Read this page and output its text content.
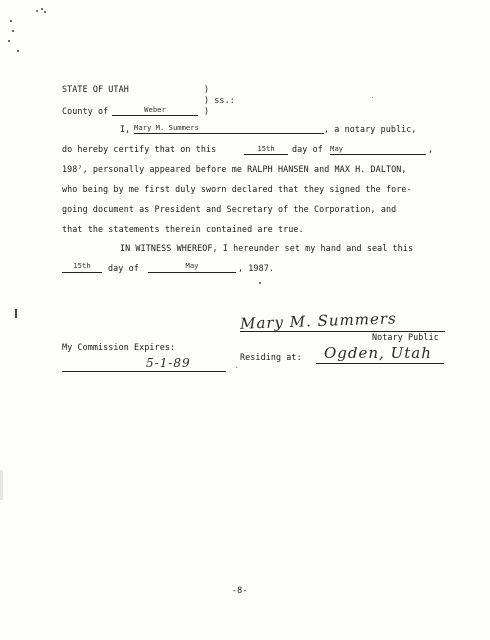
STATE OF UTAH	)
) ss.:
County of	Weber	)
I, Mary M. Summers	, a notary public,
do hereby certify that on this	15th	day of May	,
198⁷, personally appeared before me RALPH HANSEN and MAX H. DALTON,
who being by me first duly sworn declared that they signed the fore-
going document as President and Secretary of the Corporation, and
that the statements therein contained are true.
IN WITNESS WHEREOF, I hereunder set my hand and seal this
15th	day of	May	, 1987.
Mary M. Summers
Notary Public
My Commission Expires:
5-1-89	Residing at: Ogden, Utah
-8-
